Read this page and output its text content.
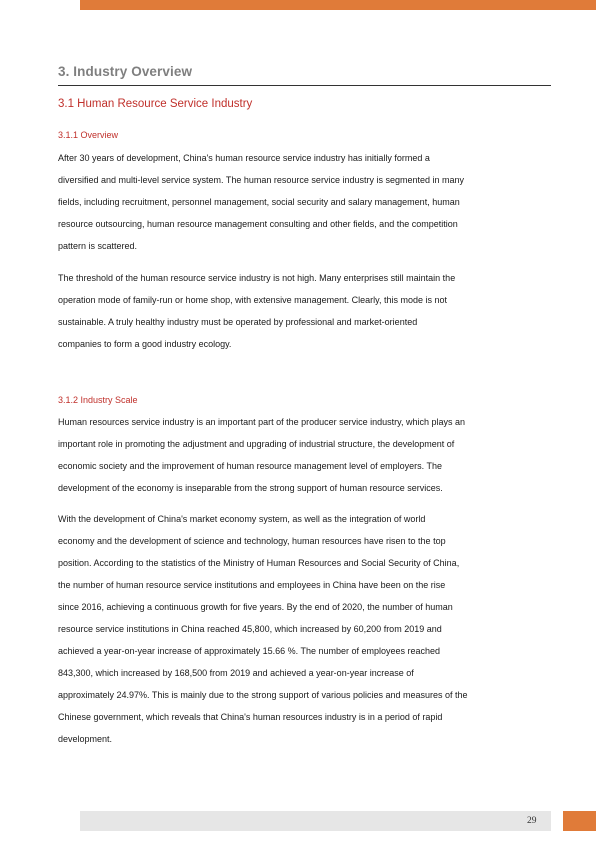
3. Industry Overview
3.1 Human Resource Service Industry
3.1.1 Overview
After 30 years of development, China's human resource service industry has initially formed a
diversified and multi-level service system. The human resource service industry is segmented in many
fields, including recruitment, personnel management, social security and salary management, human
resource outsourcing, human resource management consulting and other fields, and the competition
pattern is scattered.
The threshold of the human resource service industry is not high. Many enterprises still maintain the
operation mode of family-run or home shop, with extensive management. Clearly, this mode is not
sustainable. A truly healthy industry must be operated by professional and market-oriented
companies to form a good industry ecology.
3.1.2 Industry Scale
Human resources service industry is an important part of the producer service industry, which plays an
important role in promoting the adjustment and upgrading of industrial structure, the development of
economic society and the improvement of human resource management level of employers. The
development of the economy is inseparable from the strong support of human resource services.
With the development of China's market economy system, as well as the integration of world
economy and the development of science and technology, human resources have risen to the top
position. According to the statistics of the Ministry of Human Resources and Social Security of China,
the number of human resource service institutions and employees in China have been on the rise
since 2016, achieving a continuous growth for five years. By the end of 2020, the number of human
resource service institutions in China reached 45,800, which increased by 60,200 from 2019 and
achieved a year-on-year increase of approximately 15.66 %. The number of employees reached
843,300, which increased by 168,500 from 2019 and achieved a year-on-year increase of
approximately 24.97%. This is mainly due to the strong support of various policies and measures of the
Chinese government, which reveals that China's human resources industry is in a period of rapid
development.
29
